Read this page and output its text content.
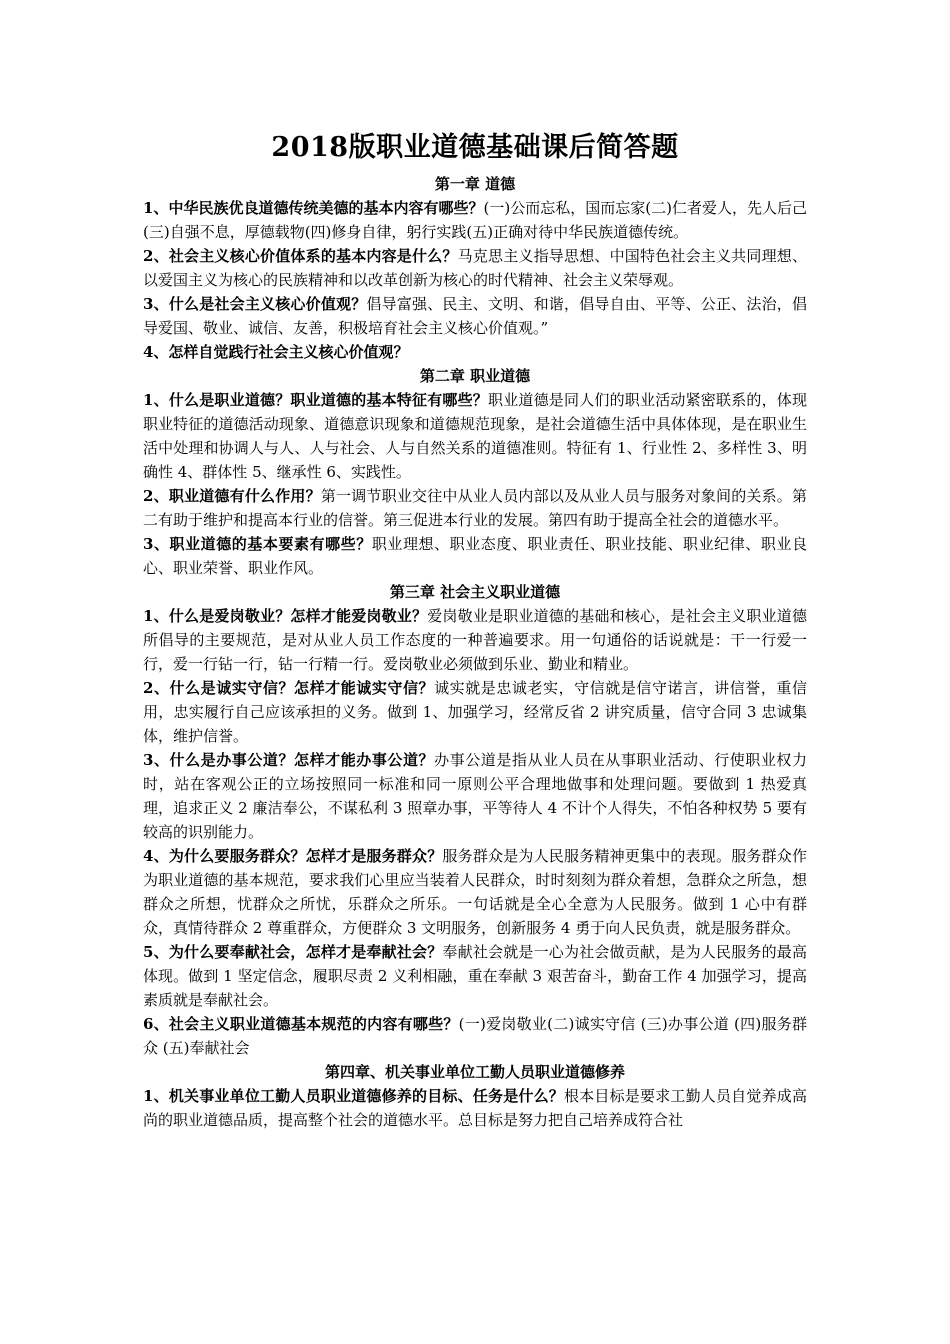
2018版职业道德基础课后简答题

第一章 道德

1、中华民族优良道德传统美德的基本内容有哪些？(一)公而忘私，国而忘家(二)仁者爱人，先人后己(三)自强不息，厚德载物(四)修身自律，躬行实践(五)正确对待中华民族道德传统。

2、社会主义核心价值体系的基本内容是什么？马克思主义指导思想、中国特色社会主义共同理想、以爱国主义为核心的民族精神和以改革创新为核心的时代精神、社会主义荣辱观。

3、什么是社会主义核心价值观？倡导富强、民主、文明、和谐，倡导自由、平等、公正、法治，倡导爱国、敬业、诚信、友善，积极培育社会主义核心价值观。”

4、怎样自觉践行社会主义核心价值观？

第二章 职业道德

1、什么是职业道德？职业道德的基本特征有哪些？职业道德是同人们的职业活动紧密联系的，体现职业特征的道德活动现象、道德意识现象和道德规范现象，是社会道德生活中具体体现，是在职业生活中处理和协调人与人、人与社会、人与自然关系的道德准则。特征有 1、行业性 2、多样性 3、明确性 4、群体性 5、继承性 6、实践性。

2、职业道德有什么作用？第一调节职业交往中从业人员内部以及从业人员与服务对象间的关系。第二有助于维护和提高本行业的信誉。第三促进本行业的发展。第四有助于提高全社会的道德水平。

3、职业道德的基本要素有哪些？职业理想、职业态度、职业责任、职业技能、职业纪律、职业良心、职业荣誉、职业作风。

第三章 社会主义职业道德

1、什么是爱岗敬业？怎样才能爱岗敬业？爱岗敬业是职业道德的基础和核心，是社会主义职业道德所倡导的主要规范，是对从业人员工作态度的一种普遍要求。用一句通俗的话说就是：干一行爱一行，爱一行钻一行，钻一行精一行。爱岗敬业必须做到乐业、勤业和精业。

2、什么是诚实守信？怎样才能诚实守信？诚实就是忠诚老实，守信就是信守诺言，讲信誉，重信用，忠实履行自己应该承担的义务。做到 1、加强学习，经常反省 2 讲究质量，信守合同 3 忠诚集体，维护信誉。

3、什么是办事公道？怎样才能办事公道？办事公道是指从业人员在从事职业活动、行使职业权力时，站在客观公正的立场按照同一标准和同一原则公平合理地做事和处理问题。要做到 1 热爱真理，追求正义 2 廉洁奉公，不谋私利 3 照章办事，平等待人 4 不计个人得失，不怕各种权势 5 要有较高的识别能力。

4、为什么要服务群众？怎样才是服务群众？服务群众是为人民服务精神更集中的表现。服务群众作为职业道德的基本规范，要求我们心里应当装着人民群众，时时刻刻为群众着想，急群众之所急，想群众之所想，忧群众之所忧，乐群众之所乐。一句话就是全心全意为人民服务。做到 1 心中有群众，真情待群众 2 尊重群众，方便群众 3 文明服务，创新服务 4 勇于向人民负责，就是服务群众。

5、为什么要奉献社会，怎样才是奉献社会？奉献社会就是一心为社会做贡献，是为人民服务的最高体现。做到 1 坚定信念，履职尽责 2 义利相融，重在奉献 3 艰苦奋斗，勤奋工作 4 加强学习，提高素质就是奉献社会。

6、社会主义职业道德基本规范的内容有哪些？(一)爱岗敬业(二)诚实守信 (三)办事公道 (四)服务群众 (五)奉献社会

第四章、机关事业单位工勤人员职业道德修养

1、机关事业单位工勤人员职业道德修养的目标、任务是什么？根本目标是要求工勤人员自觉养成高尚的职业道德品质，提高整个社会的道德水平。总目标是努力把自己培养成符合社
